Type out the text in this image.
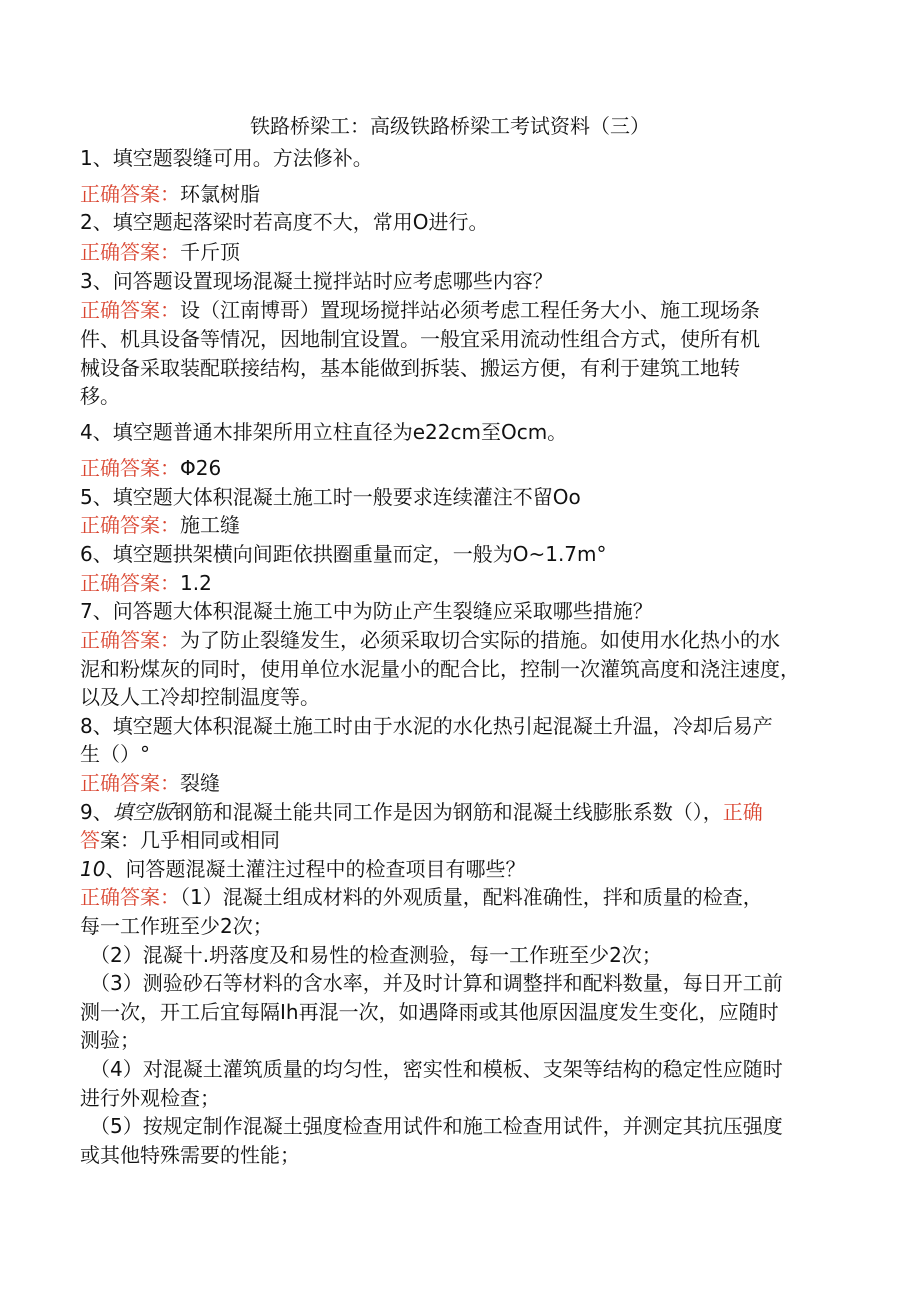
铁路桥梁工：高级铁路桥梁工考试资料（三）
1、填空题裂缝可用。方法修补。
正确答案：环氯树脂
2、填空题起落梁时若高度不大，常用O进行。
正确答案：千斤顶
3、问答题设置现场混凝土搅拌站时应考虑哪些内容？
正确答案：设（江南博哥）置现场搅拌站必须考虑工程任务大小、施工现场条
件、机具设备等情况，因地制宜设置。一般宜采用流动性组合方式，使所有机
械设备采取装配联接结构，基本能做到拆装、搬运方便，有利于建筑工地转
移。
4、填空题普通木排架所用立柱直径为e22cm至Ocm。
正确答案：Φ26
5、填空题大体积混凝土施工时一般要求连续灌注不留Oo
正确答案：施工缝
6、填空题拱架横向间距依拱圈重量而定，一般为O~1.7m°
正确答案：1.2
7、问答题大体积混凝土施工中为防止产生裂缝应采取哪些措施？
正确答案：为了防止裂缝发生，必须采取切合实际的措施。如使用水化热小的水
泥和粉煤灰的同时，使用单位水泥量小的配合比，控制一次灌筑高度和浇注速度，
以及人工冷却控制温度等。
8、填空题大体积混凝土施工时由于水泥的水化热引起混凝土升温，冷却后易产
生（）°
正确答案：裂缝
9、填空版钢筋和混凝土能共同工作是因为钢筋和混凝土线膨胀系数（），正确
答案：几乎相同或相同
10、问答题混凝土灌注过程中的检查项目有哪些？
正确答案：（1）混凝土组成材料的外观质量，配料准确性，拌和质量的检查，
每一工作班至少2次；
（2）混凝十.坍落度及和易性的检查测验，每一工作班至少2次；
（3）测验砂石等材料的含水率，并及时计算和调整拌和配料数量，每日开工前
测一次，开工后宜每隔Ih再混一次，如遇降雨或其他原因温度发生变化，应随时
测验；
（4）对混凝土灌筑质量的均匀性，密实性和模板、支架等结构的稳定性应随时
进行外观检查；
（5）按规定制作混凝土强度检查用试件和施工检查用试件，并测定其抗压强度
或其他特殊需要的性能；
